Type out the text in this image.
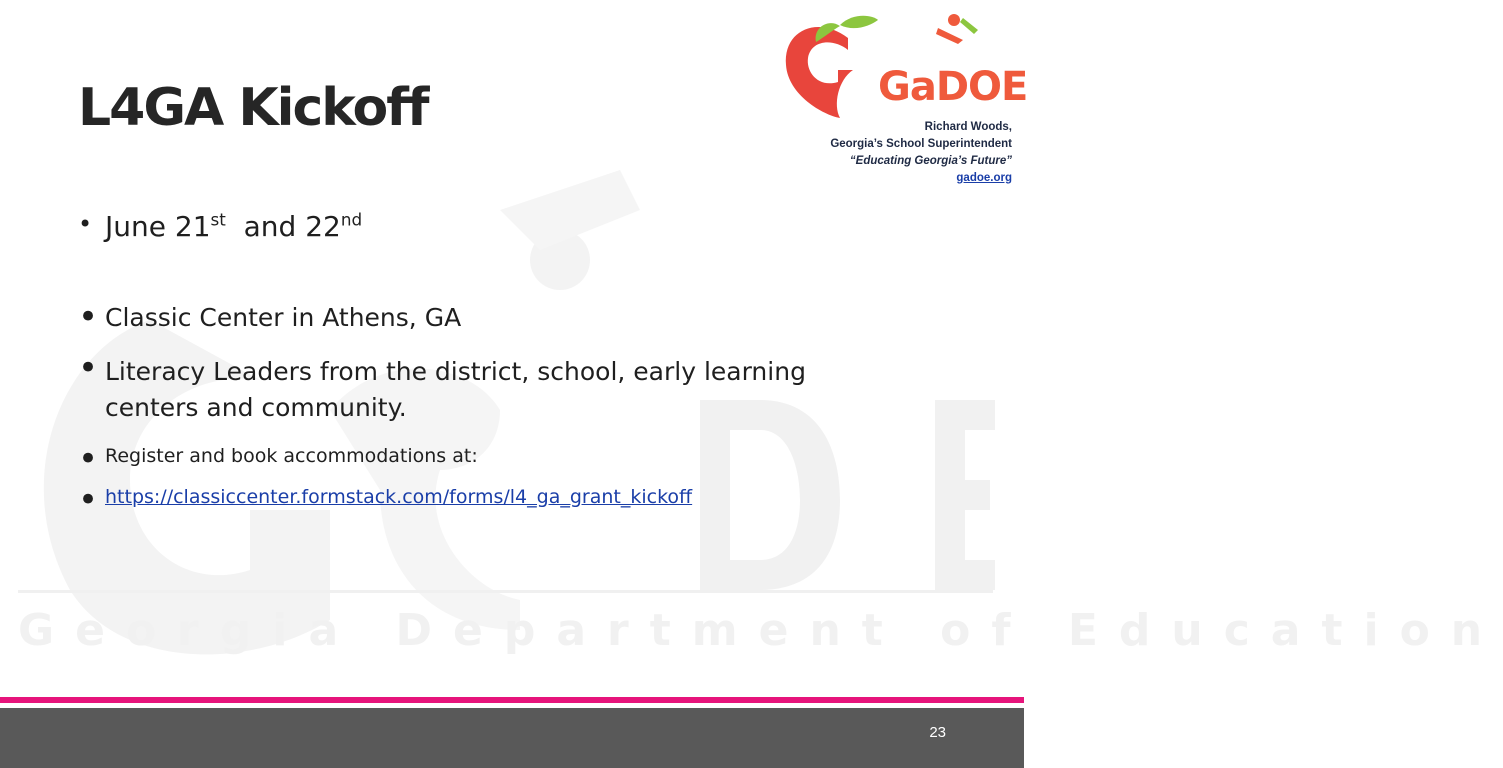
Georgia Department of Education
L4GA Kickoff	GaDOE
Richard Woods,
Georgia’s School Superintendent
“Educating Georgia’s Future”
gadoe.org
• June 21st  and 22nd
• Classic Center in Athens, GA
• Literacy Leaders from the district, school, early learning
centers and community.
• Register and book accommodations at:
• https://classiccenter.formstack.com/forms/l4_ga_grant_kickoff
23
